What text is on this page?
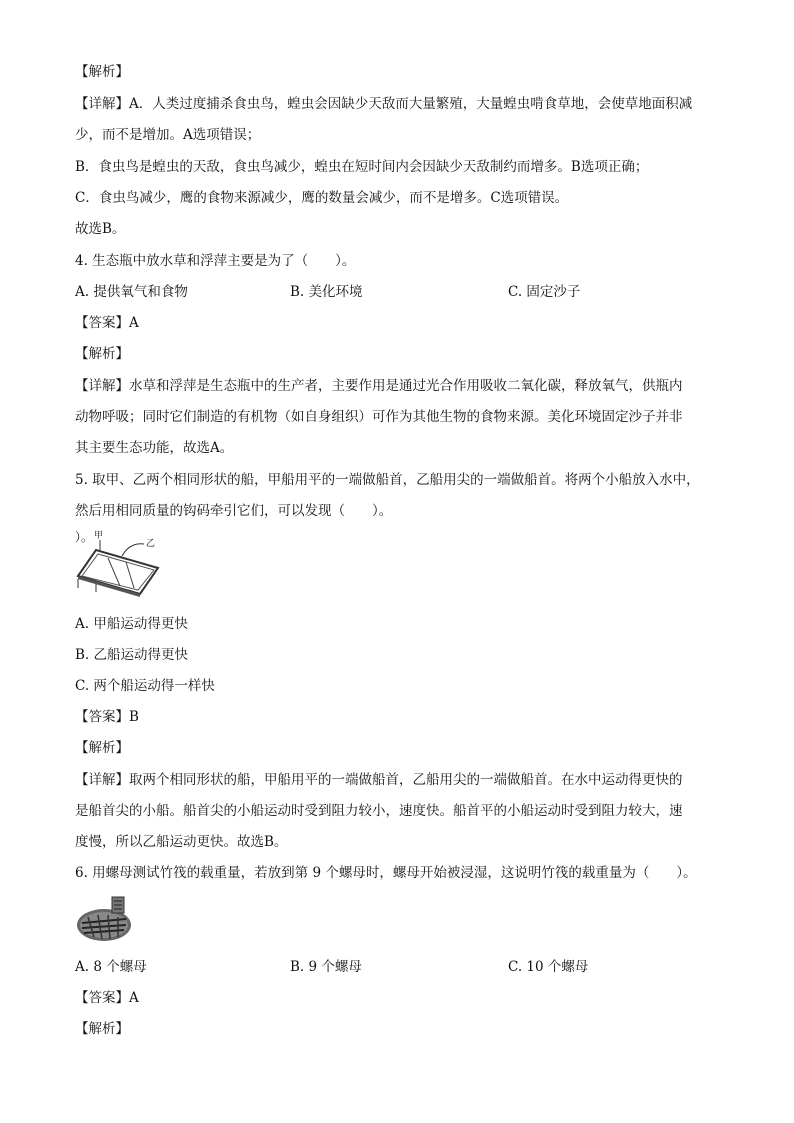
【解析】
【详解】A．人类过度捕杀食虫鸟，蝗虫会因缺少天敌而大量繁殖，大量蝗虫啃食草地，会使草地面积减
少，而不是增加。A选项错误；
B．食虫鸟是蝗虫的天敌，食虫鸟减少，蝗虫在短时间内会因缺少天敌制约而增多。B选项正确；
C．食虫鸟减少，鹰的食物来源减少，鹰的数量会减少，而不是增多。C选项错误。
故选B。
4. 生态瓶中放水草和浮萍主要是为了（　　）。
A. 提供氧气和食物	B. 美化环境	C. 固定沙子
【答案】A
【解析】
【详解】水草和浮萍是生态瓶中的生产者，主要作用是通过光合作用吸收二氧化碳，释放氧气，供瓶内
动物呼吸；同时它们制造的有机物（如自身组织）可作为其他生物的食物来源。美化环境固定沙子并非
其主要生态功能，故选A。
5. 取甲、乙两个相同形状的船，甲船用平的一端做船首，乙船用尖的一端做船首。将两个小船放入水中，
然后用相同质量的钩码牵引它们，可以发现（　　）。
）。 甲
乙
A. 甲船运动得更快
B. 乙船运动得更快
C. 两个船运动得一样快
【答案】B
【解析】
【详解】取两个相同形状的船，甲船用平的一端做船首，乙船用尖的一端做船首。在水中运动得更快的
是船首尖的小船。船首尖的小船运动时受到阻力较小，速度快。船首平的小船运动时受到阻力较大，速
度慢，所以乙船运动更快。故选B。
6. 用螺母测试竹筏的载重量，若放到第 9 个螺母时，螺母开始被浸湿，这说明竹筏的载重量为（　　）。
A. 8 个螺母	B. 9 个螺母	C. 10 个螺母
【答案】A
【解析】
